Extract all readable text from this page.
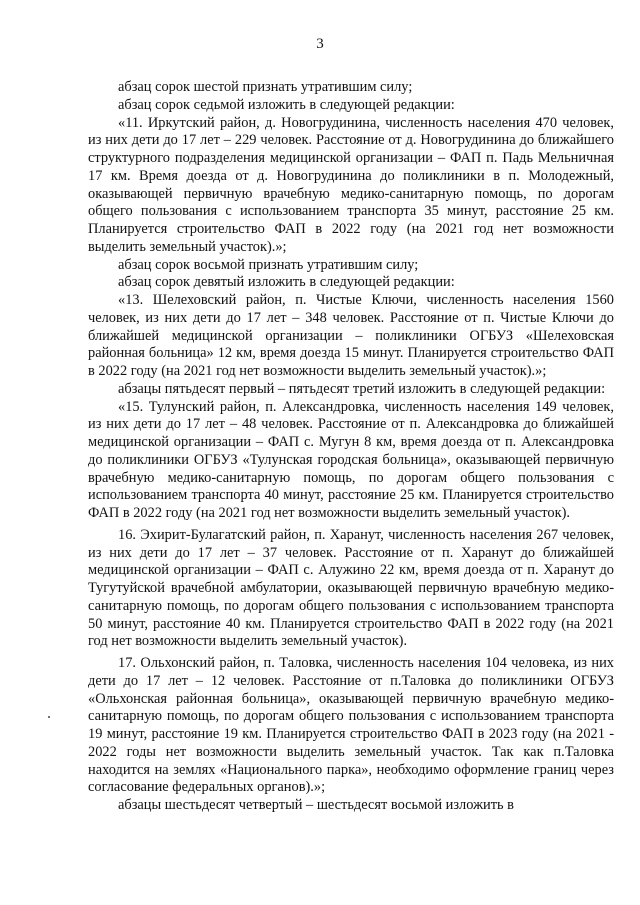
3

абзац сорок шестой признать утратившим силу;

абзац сорок седьмой изложить в следующей редакции:

«11. Иркутский район, д. Новогрудинина, численность населения 470 человек, из них дети до 17 лет – 229 человек. Расстояние от д. Новогрудинина до ближайшего структурного подразделения медицинской организации – ФАП п. Падь Мельничная 17 км. Время доезда от д. Новогрудинина до поликлиники в п. Молодежный, оказывающей первичную врачебную медико-санитарную помощь, по дорогам общего пользования с использованием транспорта 35 минут, расстояние 25 км. Планируется строительство ФАП в 2022 году (на 2021 год нет возможности выделить земельный участок).»;

абзац сорок восьмой признать утратившим силу;

абзац сорок девятый изложить в следующей редакции:

«13. Шелеховский район, п. Чистые Ключи, численность населения 1560 человек, из них дети до 17 лет – 348 человек. Расстояние от п. Чистые Ключи до ближайшей медицинской организации – поликлиники ОГБУЗ «Шелеховская районная больница» 12 км, время доезда 15 минут. Планируется строительство ФАП в 2022 году (на 2021 год нет возможности выделить земельный участок).»;

абзацы пятьдесят первый – пятьдесят третий изложить в следующей редакции:

«15. Тулунский район, п. Александровка, численность населения 149 человек, из них дети до 17 лет – 48 человек. Расстояние от п. Александровка до ближайшей медицинской организации – ФАП с. Мугун 8 км, время доезда от п. Александровка до поликлиники ОГБУЗ «Тулунская городская больница», оказывающей первичную врачебную медико-санитарную помощь, по дорогам общего пользования с использованием транспорта 40 минут, расстояние 25 км. Планируется строительство ФАП в 2022 году (на 2021 год нет возможности выделить земельный участок).

16. Эхирит-Булагатский район, п. Харанут, численность населения 267 человек, из них дети до 17 лет – 37 человек. Расстояние от п. Харанут до ближайшей медицинской организации – ФАП с. Алужино 22 км, время доезда от п. Харанут до Тугутуйской врачебной амбулатории, оказывающей первичную врачебную медико-санитарную помощь, по дорогам общего пользования с использованием транспорта 50 минут, расстояние 40 км. Планируется строительство ФАП в 2022 году (на 2021 год нет возможности выделить земельный участок).

17. Ольхонский район, п. Таловка, численность населения 104 человека, из них дети до 17 лет – 12 человек. Расстояние от п.Таловка до поликлиники ОГБУЗ «Ольхонская районная больница», оказывающей первичную врачебную медико-санитарную помощь, по дорогам общего пользования с использованием транспорта 19 минут, расстояние 19 км. Планируется строительство ФАП в 2023 году (на 2021 - 2022 годы нет возможности выделить земельный участок. Так как п.Таловка находится на землях «Национального парка», необходимо оформление границ через согласование федеральных органов).»;

абзацы шестьдесят четвертый – шестьдесят восьмой изложить в
